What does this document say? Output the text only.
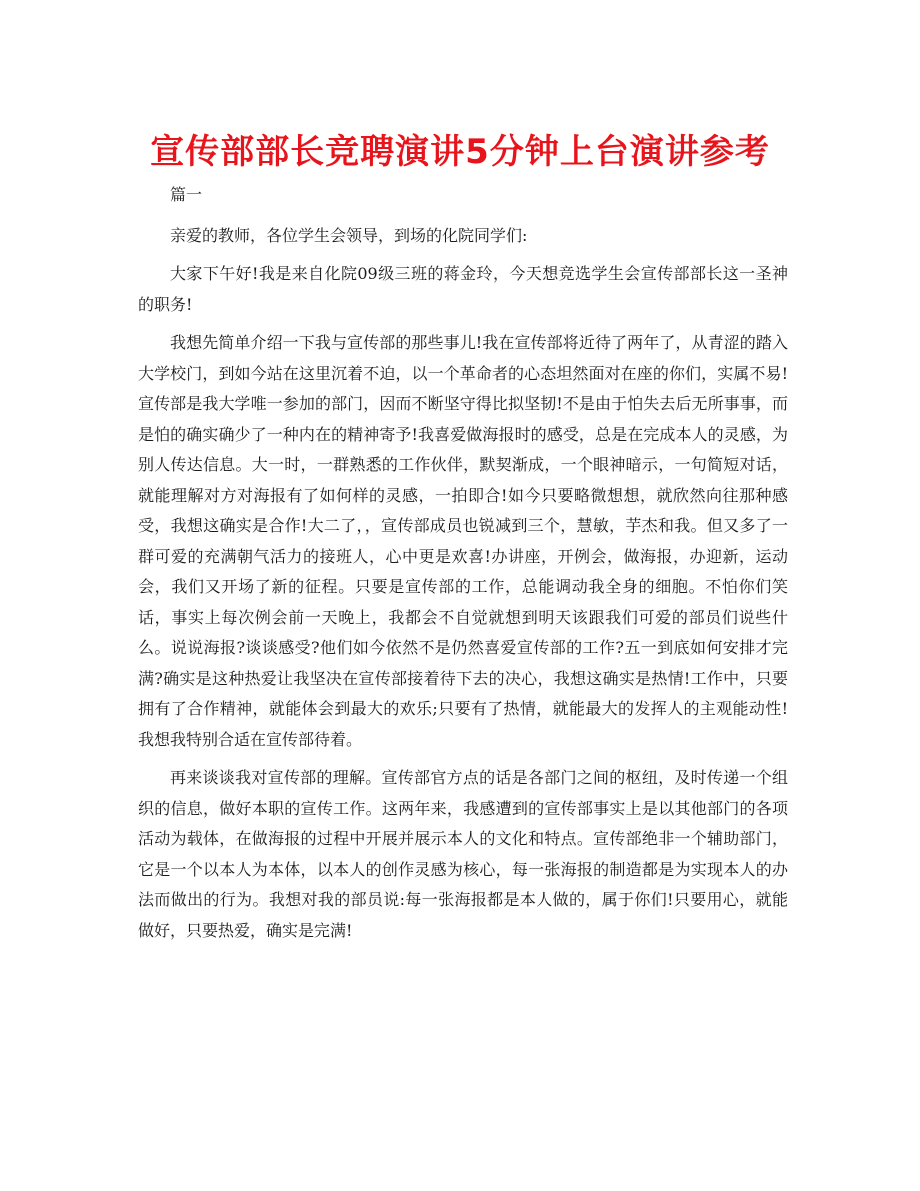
宣传部部长竞聘演讲5分钟上台演讲参考

篇一

亲爱的教师，各位学生会领导，到场的化院同学们:

大家下午好!我是来自化院09级三班的蒋金玲，今天想竞选学生会宣传部部长这一圣神的职务!

我想先简单介绍一下我与宣传部的那些事儿!我在宣传部将近待了两年了，从青涩的踏入大学校门，到如今站在这里沉着不迫，以一个革命者的心态坦然面对在座的你们，实属不易!宣传部是我大学唯一参加的部门，因而不断坚守得比拟坚韧!不是由于怕失去后无所事事，而是怕的确实确少了一种内在的精神寄予!我喜爱做海报时的感受，总是在完成本人的灵感，为别人传达信息。大一时，一群熟悉的工作伙伴，默契渐成，一个眼神暗示，一句简短对话，就能理解对方对海报有了如何样的灵感，一拍即合!如今只要略微想想，就欣然向往那种感受，我想这确实是合作!大二了，，宣传部成员也锐减到三个，慧敏，芋杰和我。但又多了一群可爱的充满朝气活力的接班人，心中更是欢喜!办讲座，开例会，做海报，办迎新，运动会，我们又开场了新的征程。只要是宣传部的工作，总能调动我全身的细胞。不怕你们笑话，事实上每次例会前一天晚上，我都会不自觉就想到明天该跟我们可爱的部员们说些什么。说说海报?谈谈感受?他们如今依然不是仍然喜爱宣传部的工作?五一到底如何安排才完满?确实是这种热爱让我坚决在宣传部接着待下去的决心，我想这确实是热情!工作中，只要拥有了合作精神，就能体会到最大的欢乐;只要有了热情，就能最大的发挥人的主观能动性!我想我特别合适在宣传部待着。

再来谈谈我对宣传部的理解。宣传部官方点的话是各部门之间的枢纽，及时传递一个组织的信息，做好本职的宣传工作。这两年来，我感遭到的宣传部事实上是以其他部门的各项活动为载体，在做海报的过程中开展并展示本人的文化和特点。宣传部绝非一个辅助部门，它是一个以本人为本体，以本人的创作灵感为核心，每一张海报的制造都是为实现本人的办法而做出的行为。我想对我的部员说:每一张海报都是本人做的，属于你们!只要用心，就能做好，只要热爱，确实是完满!
